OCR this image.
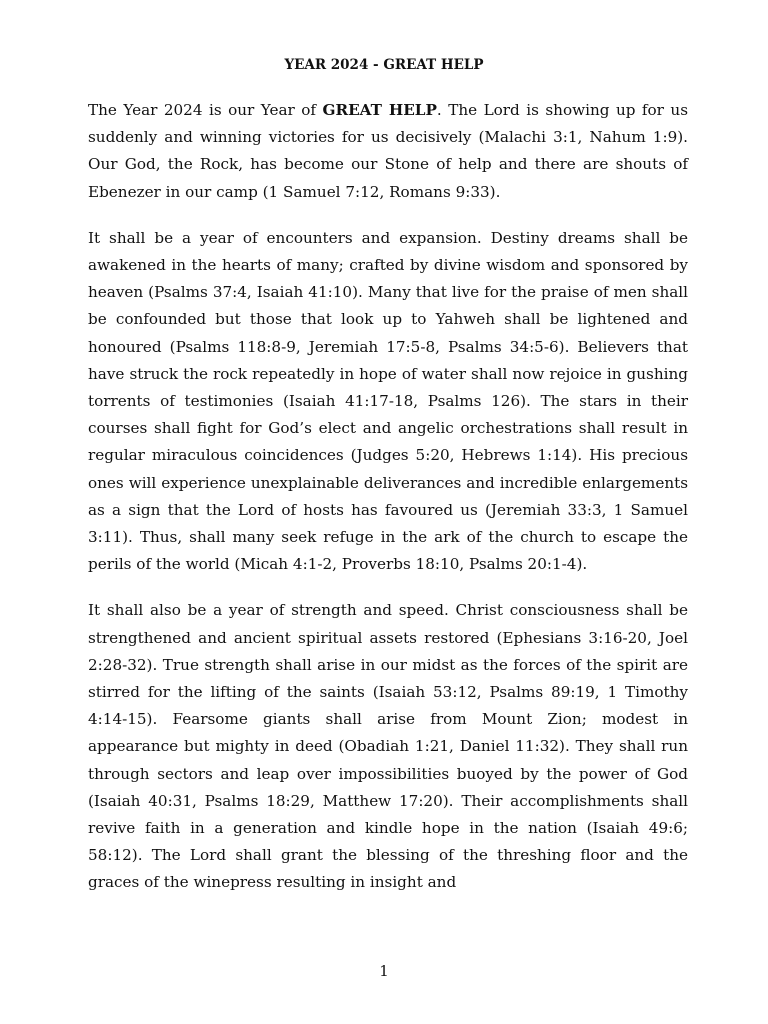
YEAR 2024 - GREAT HELP

The Year 2024 is our Year of GREAT HELP. The Lord is showing up for us suddenly and winning victories for us decisively (Malachi 3:1, Nahum 1:9). Our God, the Rock, has become our Stone of help and there are shouts of Ebenezer in our camp (1 Samuel 7:12, Romans 9:33).

It shall be a year of encounters and expansion. Destiny dreams shall be awakened in the hearts of many; crafted by divine wisdom and sponsored by heaven (Psalms 37:4, Isaiah 41:10). Many that live for the praise of men shall be confounded but those that look up to Yahweh shall be lightened and honoured (Psalms 118:8-9, Jeremiah 17:5-8, Psalms 34:5-6). Believers that have struck the rock repeatedly in hope of water shall now rejoice in gushing torrents of testimonies (Isaiah 41:17-18, Psalms 126). The stars in their courses shall fight for God’s elect and angelic orchestrations shall result in regular miraculous coincidences (Judges 5:20, Hebrews 1:14). His precious ones will experience unexplainable deliverances and incredible enlargements as a sign that the Lord of hosts has favoured us (Jeremiah 33:3, 1 Samuel 3:11). Thus, shall many seek refuge in the ark of the church to escape the perils of the world (Micah 4:1-2, Proverbs 18:10, Psalms 20:1-4).

It shall also be a year of strength and speed. Christ consciousness shall be strengthened and ancient spiritual assets restored (Ephesians 3:16-20, Joel 2:28-32). True strength shall arise in our midst as the forces of the spirit are stirred for the lifting of the saints (Isaiah 53:12, Psalms 89:19, 1 Timothy 4:14-15). Fearsome giants shall arise from Mount Zion; modest in appearance but mighty in deed (Obadiah 1:21, Daniel 11:32). They shall run through sectors and leap over impossibilities buoyed by the power of God (Isaiah 40:31, Psalms 18:29, Matthew 17:20). Their accomplishments shall revive faith in a generation and kindle hope in the nation (Isaiah 49:6; 58:12). The Lord shall grant the blessing of the threshing floor and the graces of the winepress resulting in insight and

1
